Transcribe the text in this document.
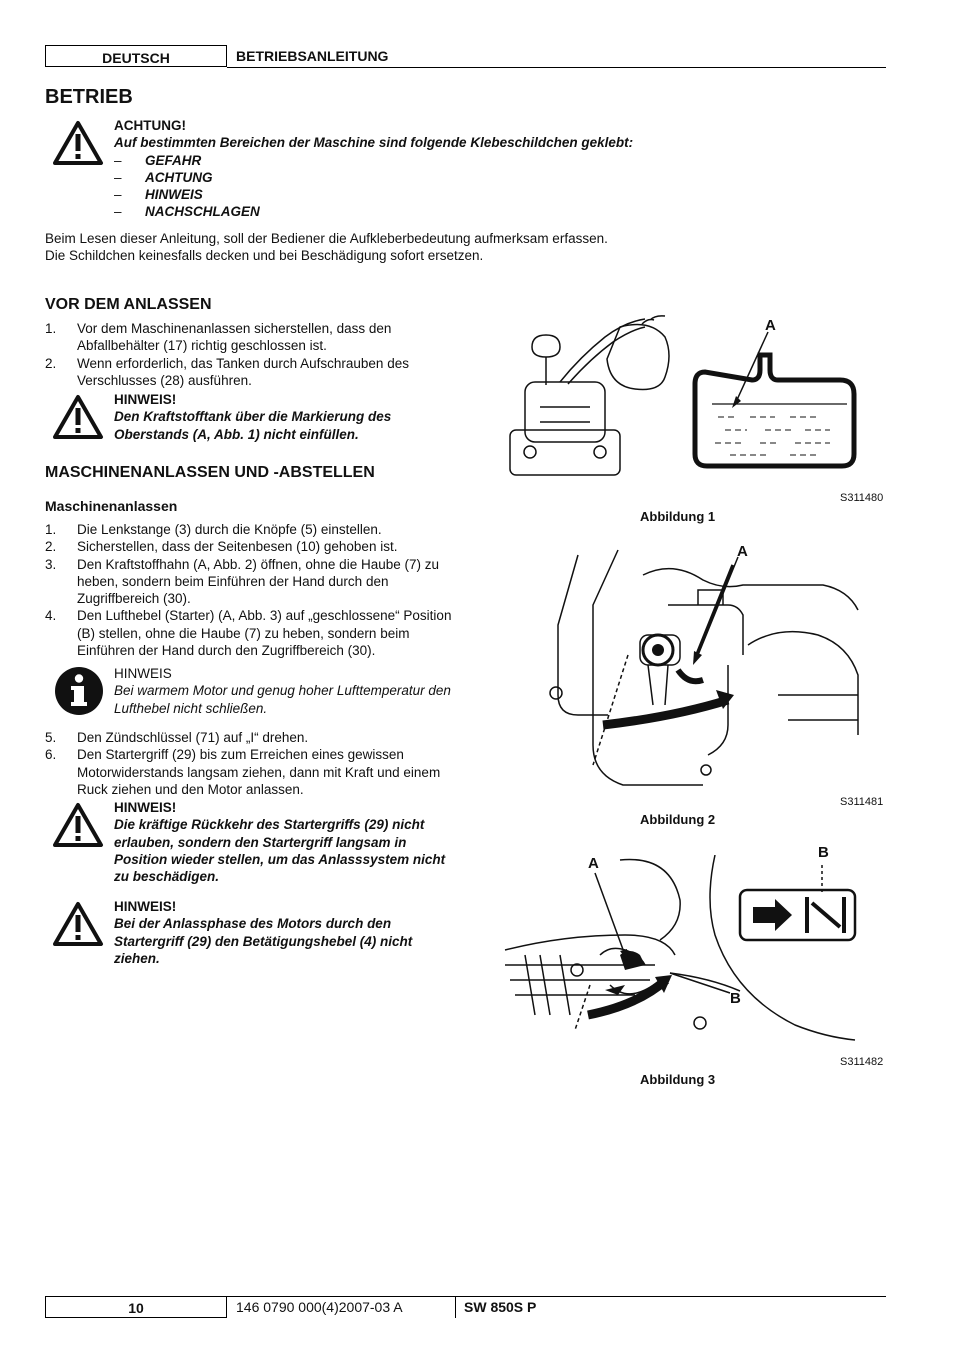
DEUTSCH	BETRIEBSANLEITUNG
BETRIEB
ACHTUNG!
Auf bestimmten Bereichen der Maschine sind folgende Klebeschildchen geklebt:
– GEFAHR
– ACHTUNG
– HINWEIS
– NACHSCHLAGEN
Beim Lesen dieser Anleitung, soll der Bediener die Aufkleberbedeutung aufmerksam erfassen.
Die Schildchen keinesfalls decken und bei Beschädigung sofort ersetzen.
VOR DEM ANLASSEN
1. Vor dem Maschinenanlassen sicherstellen, dass den Abfallbehälter (17) richtig geschlossen ist.
2. Wenn erforderlich, das Tanken durch Aufschrauben des Verschlusses (28) ausführen.
HINWEIS!
Den Kraftstofftank über die Markierung des Oberstands (A, Abb. 1) nicht einfüllen.
MASCHINENANLASSEN UND -ABSTELLEN
Maschinenanlassen
1. Die Lenkstange (3) durch die Knöpfe (5) einstellen.
2. Sicherstellen, dass der Seitenbesen (10) gehoben ist.
3. Den Kraftstoffhahn (A, Abb. 2) öffnen, ohne die Haube (7) zu heben, sondern beim Einführen der Hand durch den Zugriffbereich (30).
4. Den Lufthebel (Starter) (A, Abb. 3) auf „geschlossene“ Position (B) stellen, ohne die Haube (7) zu heben, sondern beim Einführen der Hand durch den Zugriffbereich (30).
HINWEIS
Bei warmem Motor und genug hoher Lufttemperatur den Lufthebel nicht schließen.
5. Den Zündschlüssel (71) auf „I“ drehen.
6. Den Startergriff (29) bis zum Erreichen eines gewissen Motorwiderstands langsam ziehen, dann mit Kraft und einem Ruck ziehen und den Motor anlassen.
HINWEIS!
Die kräftige Rückkehr des Startergriffs (29) nicht erlauben, sondern den Startergriff langsam in Position wieder stellen, um das Anlasssystem nicht zu beschädigen.
HINWEIS!
Bei der Anlassphase des Motors durch den Startergriff (29) den Betätigungshebel (4) nicht ziehen.
A
S311480
Abbildung 1
A
S311481
Abbildung 2
A
B
B
S311482
Abbildung 3
10	146 0790 000(4)2007-03 A	SW 850S P
